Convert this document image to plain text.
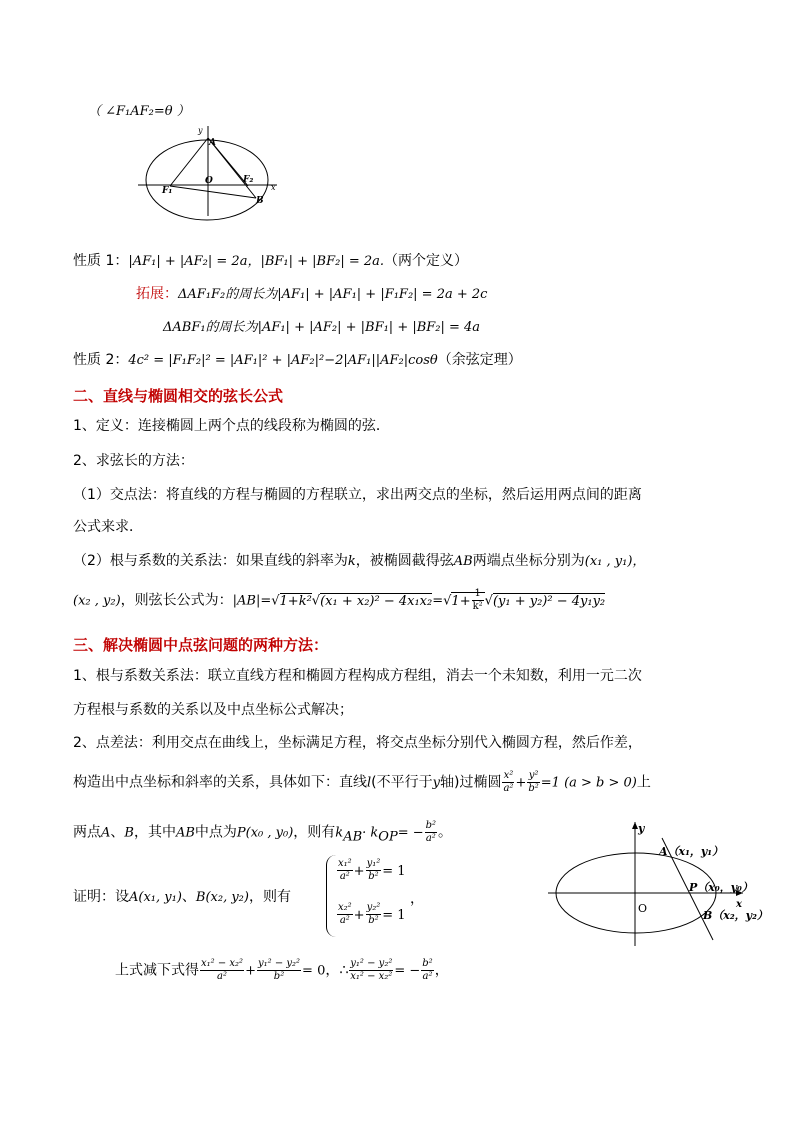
（ ∠F₁AF₂=θ ）
y
A
O
F₁
F₂
x
B
性质 1：|AF₁| + |AF₂| = 2a，|BF₁| + |BF₂| = 2a.（两个定义）
拓展：ΔAF₁F₂的周长为|AF₁| + |AF₁| + |F₁F₂| = 2a + 2c
ΔABF₁的周长为|AF₁| + |AF₂| + |BF₁| + |BF₂| = 4a
性质 2：4c² = |F₁F₂|² = |AF₁|² + |AF₂|²−2|AF₁||AF₂|cosθ（余弦定理）
二、直线与椭圆相交的弦长公式
1、定义：连接椭圆上两个点的线段称为椭圆的弦．
2、求弦长的方法：
（1）交点法：将直线的方程与椭圆的方程联立，求出两交点的坐标，然后运用两点间的距离
公式来求．
（2）根与系数的关系法：如果直线的斜率为k，被椭圆截得弦AB两端点坐标分别为(x₁ , y₁)，
(x₂ , y₂)，则弦长公式为：$|AB|=√1+k^2√(x_1 + x_2)^2 - 4x_1x_2=√1+ \frac{1}{\text{k²}} √(y_1 + y_2)^2 - 4y_1y_2$
三、解决椭圆中点弦问题的两种方法：
1、根与系数关系法：联立直线方程和椭圆方程构成方程组，消去一个未知数，利用一元二次
方程根与系数的关系以及中点坐标公式解决；
2、点差法：利用交点在曲线上，坐标满足方程，将交点坐标分别代入椭圆方程，然后作差，
构造出中点坐标和斜率的关系，具体如下：直线l(不平行于y轴)过椭圆 $\frac{\text{x²}}{\text{a²}} + \frac{\text{y²}}{\text{b²}} =1$ (a > b > 0)上
两点A、B，其中AB中点为P(x₀ , y₀)，则有$k_{AB}\cdot k_{OP}= - \frac{\text{b²}}{\text{a²}}$ 。
证明：设A(x₁, y₁)、B(x₂, y₂)，则有
$\frac{\text{x₁²}}{\text{a²}} + \frac{\text{y₁²}}{\text{b²}} = 1$
$\frac{\text{x₂²}}{\text{a²}} + \frac{\text{y₂²}}{\text{b²}} = 1$
，
上式减下式得 $\frac{\text{x₁² − x₂²}}{\text{a²}} + \frac{\text{y₁² − y₂²}}{\text{b²}} = 0$，∴ $\frac{\text{y₁² − y₂²}}{\text{x₁² − x₂²}}$ = − $\frac{\text{b²}}{\text{a²}}$ ，
y
A（x₁，y₁）
P（x₀，y₀）
O
B（x₂，y₂）
x
